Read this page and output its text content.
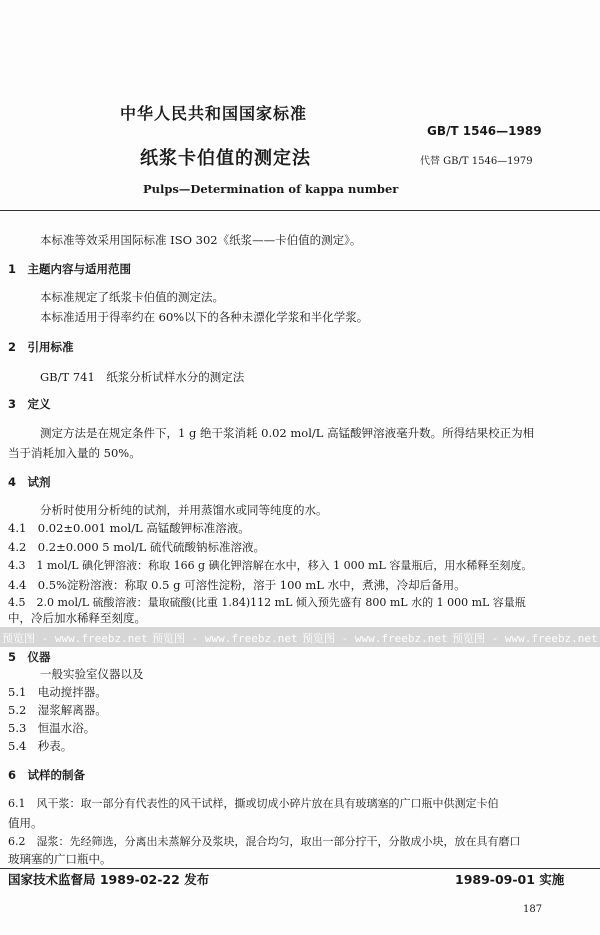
中华人民共和国国家标准
GB/T 1546—1989
纸浆卡伯值的测定法	代替 GB/T 1546—1979
Pulps—Determination of kappa number
本标准等效采用国际标准 ISO 302《纸浆——卡伯值的测定》。
1　 主题内容与适用范围
本标准规定了纸浆卡伯值的测定法。
本标准适用于得率约在 60%以下的各种未漂化学浆和半化学浆。
2　 引用标准
GB/T 741　纸浆分析试样水分的测定法
3　 定义
测定方法是在规定条件下，1 g 绝干浆消耗 0.02 mol/L 高锰酸钾溶液毫升数。所得结果校正为相
当于消耗加入量的 50%。
4　 试剂
分析时使用分析纯的试剂，并用蒸馏水或同等纯度的水。
4.1　 0.02±0.001 mol/L 高锰酸钾标准溶液。
4.2　 0.2±0.000 5 mol/L 硫代硫酸钠标准溶液。
4.3　 1 mol/L 碘化钾溶液：称取 166 g 碘化钾溶解在水中，移入 1 000 mL 容量瓶后，用水稀释至刻度。
4.4　 0.5%淀粉溶液：称取 0.5 g 可溶性淀粉，溶于 100 mL 水中，煮沸，冷却后备用。
4.5　 2.0 mol/L 硫酸溶液：量取硫酸(比重 1.84)112 mL 倾入预先盛有 800 mL 水的 1 000 mL 容量瓶
中，冷后加水稀释至刻度。
预览图 - www.freebz.net 预览图 - www.freebz.net 预览图 - www.freebz.net 预览图 - www.freebz.net
5　 仪器
一般实验室仪器以及
5.1　 电动搅拌器。
5.2　 湿浆解离器。
5.3　 恒温水浴。
5.4　 秒表。
6　 试样的制备
6.1　 风干浆：取一部分有代表性的风干试样，撕或切成小碎片放在具有玻璃塞的广口瓶中供测定卡伯
值用。
6.2　 湿浆：先经筛选，分离出未蒸解分及浆块，混合均匀，取出一部分拧干，分散成小块，放在具有磨口
玻璃塞的广口瓶中。
国家技术监督局 1989-02-22 发布	1989-09-01 实施
187
